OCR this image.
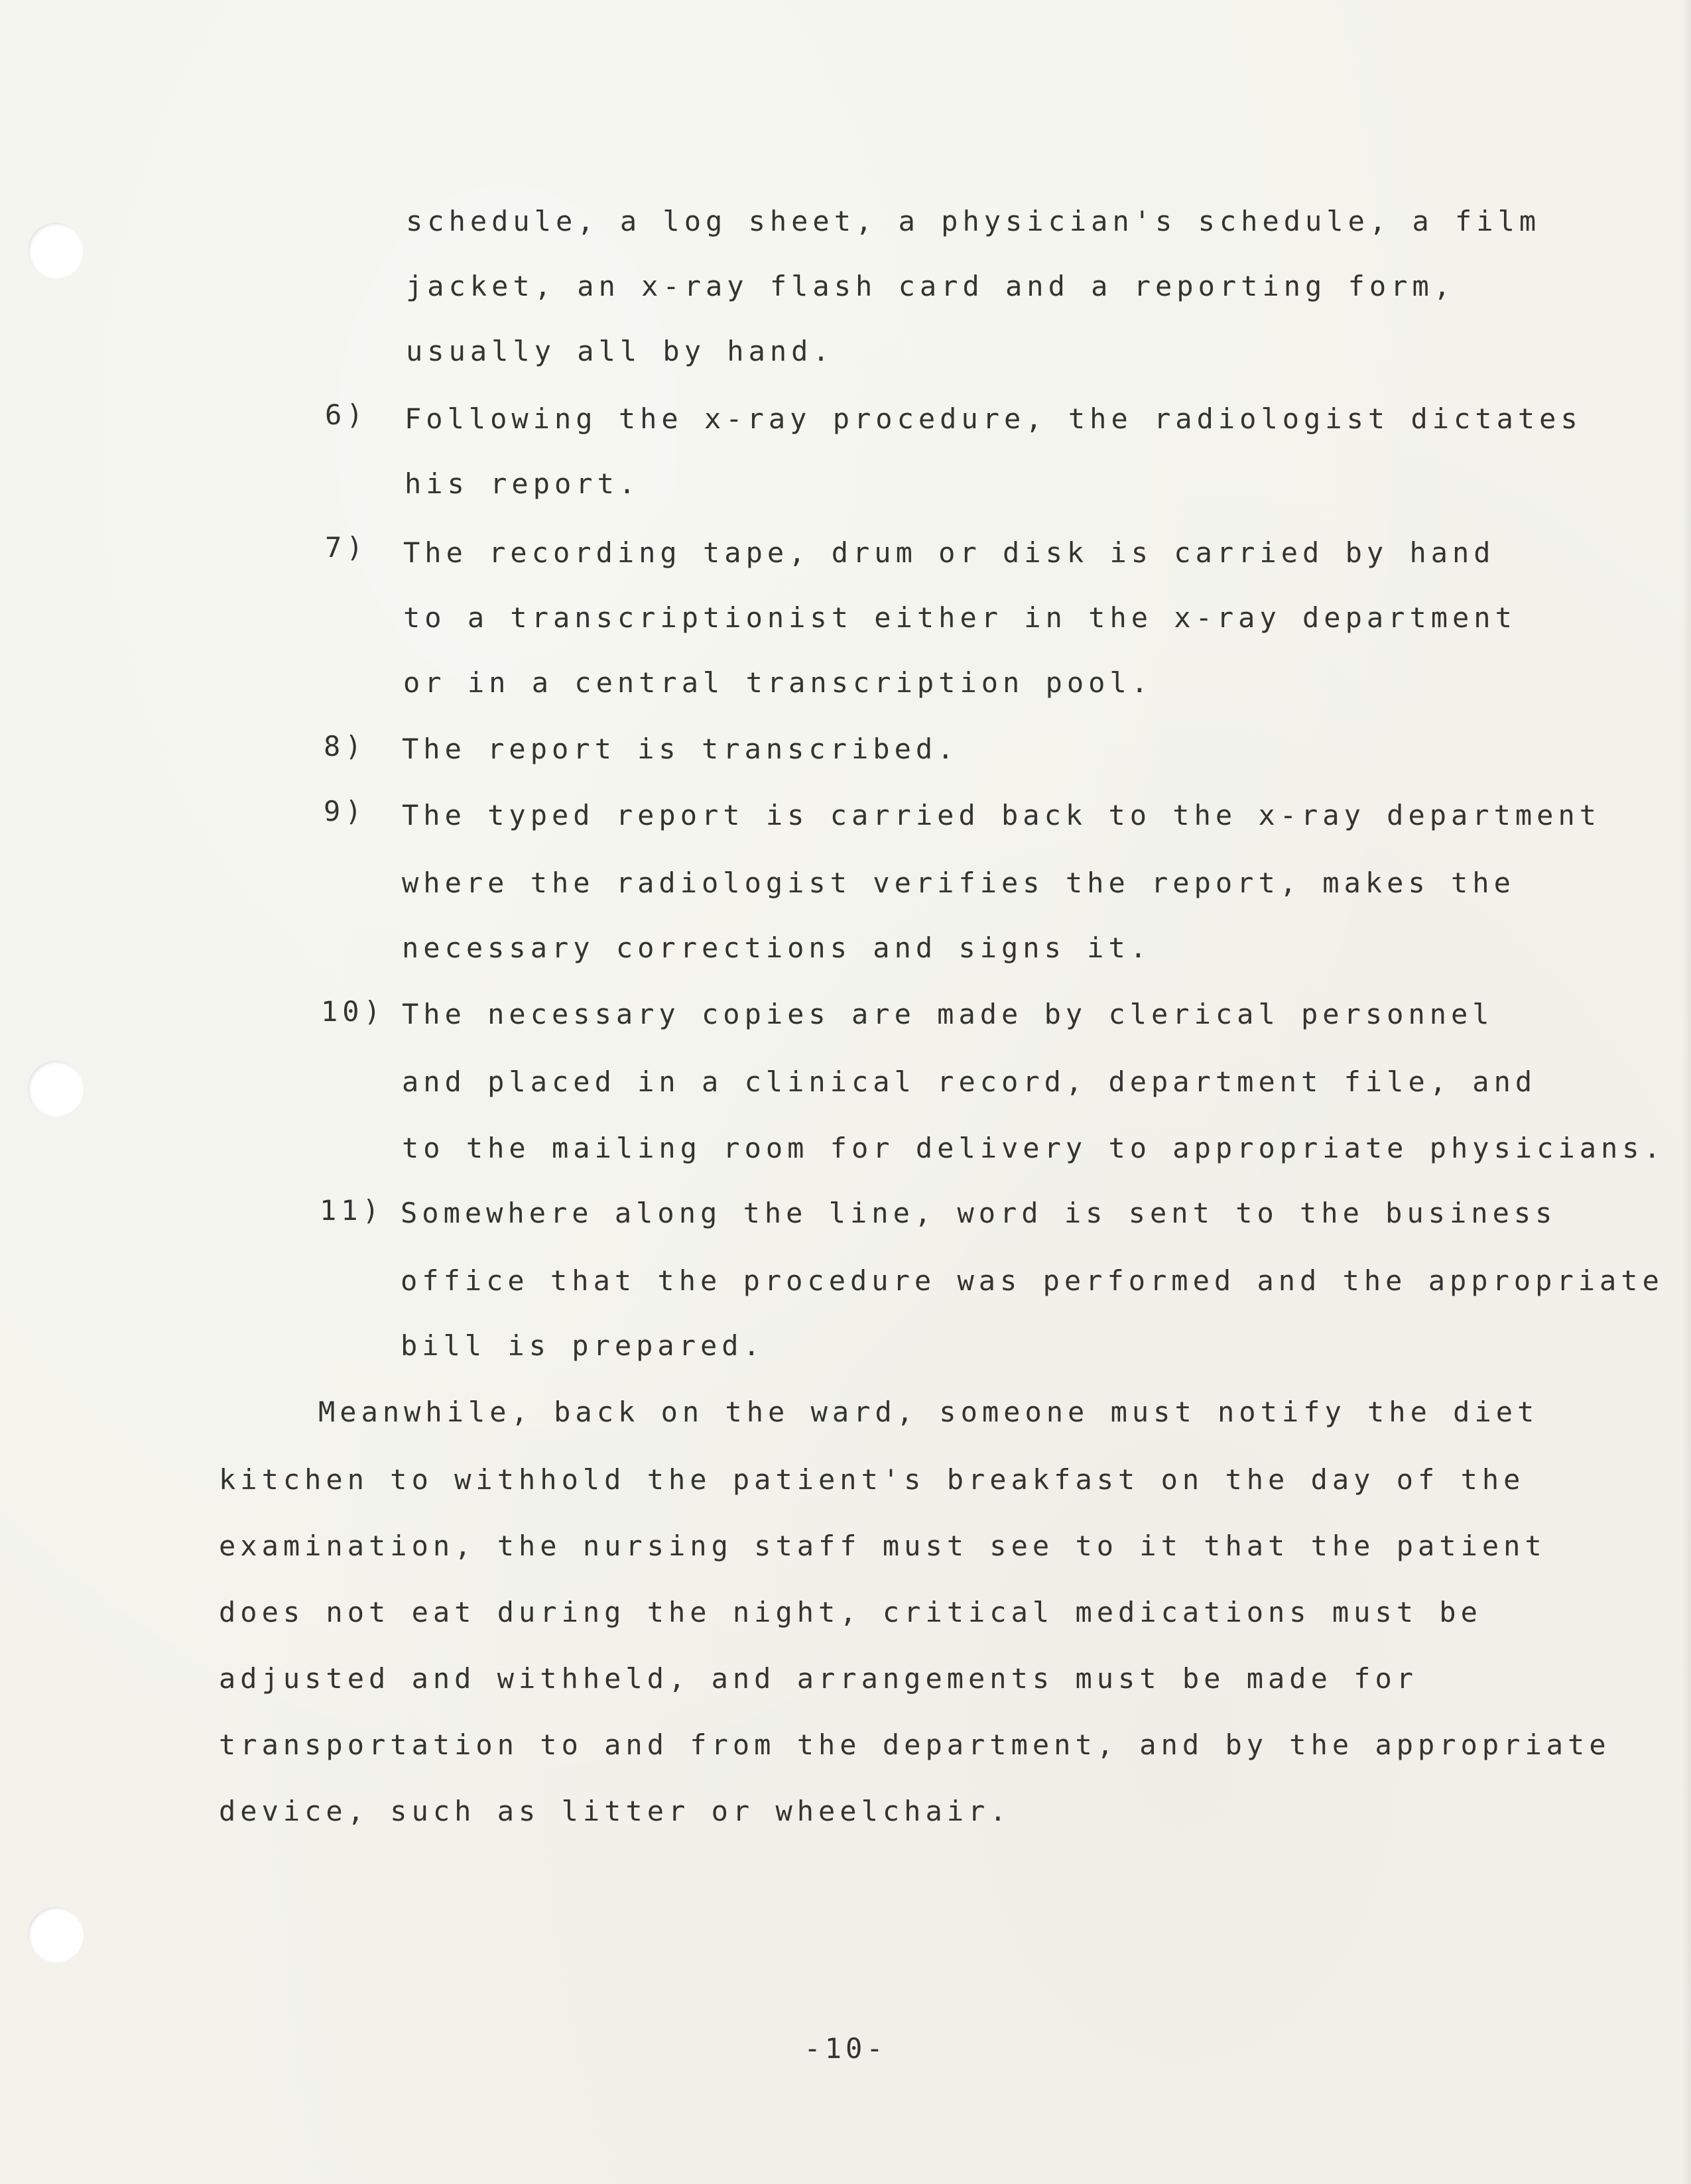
schedule, a log sheet, a physician's schedule, a film

jacket, an x-ray flash card and a reporting form,

usually all by hand.

6) Following the x-ray procedure, the radiologist dictates

his report.

7) The recording tape, drum or disk is carried by hand

to a transcriptionist either in the x-ray department

or in a central transcription pool.

8) The report is transcribed.

9) The typed report is carried back to the x-ray department

where the radiologist verifies the report, makes the

necessary corrections and signs it.

10) The necessary copies are made by clerical personnel

and placed in a clinical record, department file, and

to the mailing room for delivery to appropriate physicians.

11) Somewhere along the line, word is sent to the business

office that the procedure was performed and the appropriate

bill is prepared.

Meanwhile, back on the ward, someone must notify the diet

kitchen to withhold the patient's breakfast on the day of the

examination, the nursing staff must see to it that the patient

does not eat during the night, critical medications must be

adjusted and withheld, and arrangements must be made for

transportation to and from the department, and by the appropriate

device, such as litter or wheelchair.

-10-
